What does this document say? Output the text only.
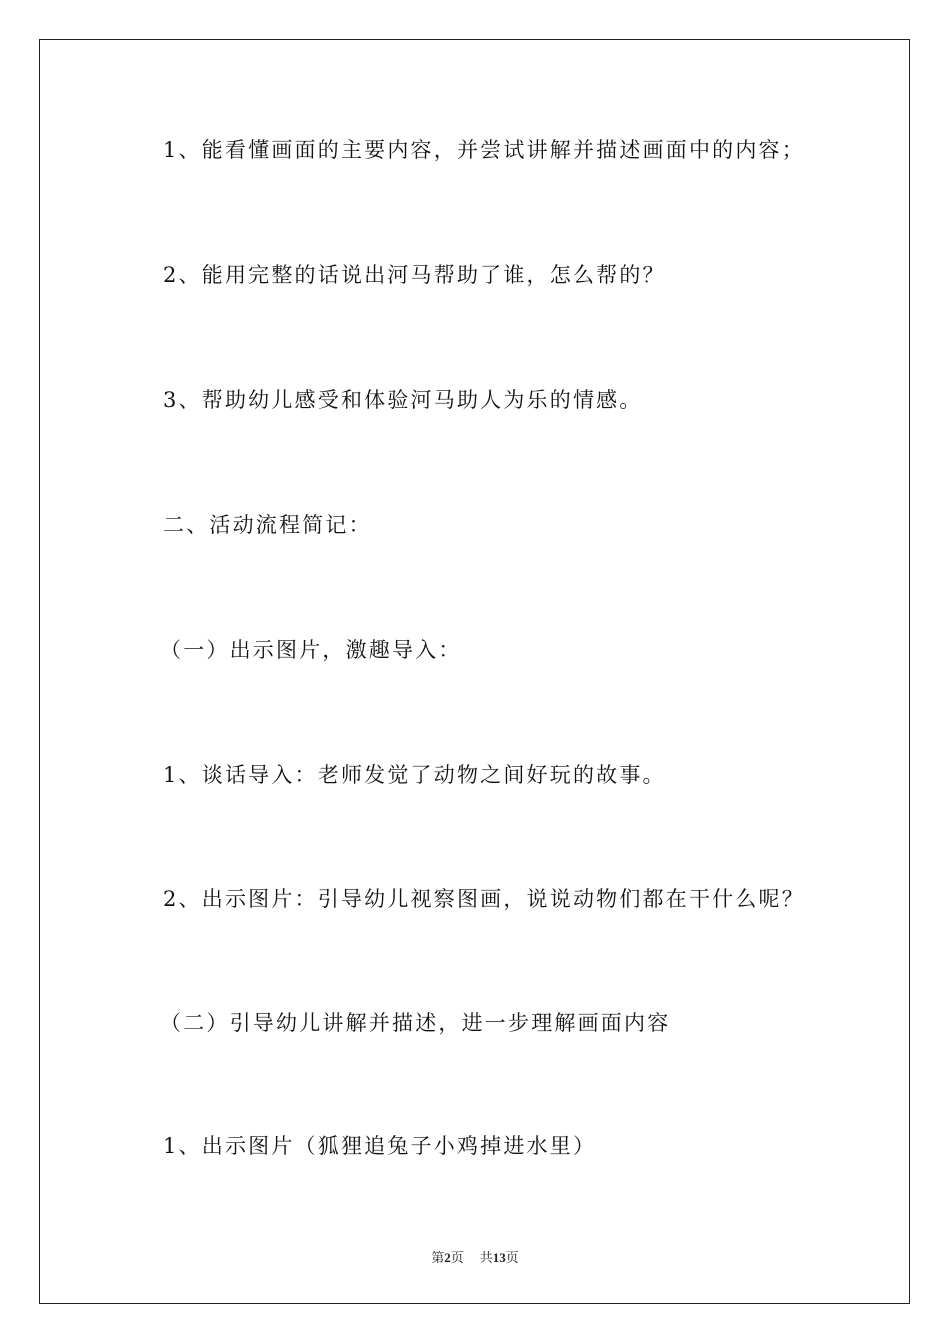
1、能看懂画面的主要内容，并尝试讲解并描述画面中的内容；
2、能用完整的话说出河马帮助了谁，怎么帮的？
3、帮助幼儿感受和体验河马助人为乐的情感。
二、活动流程简记：
（一）出示图片，激趣导入：
1、谈话导入：老师发觉了动物之间好玩的故事。
2、出示图片：引导幼儿视察图画，说说动物们都在干什么呢？
（二）引导幼儿讲解并描述，进一步理解画面内容
1、出示图片（狐狸追兔子小鸡掉进水里）
第2页 共13页
